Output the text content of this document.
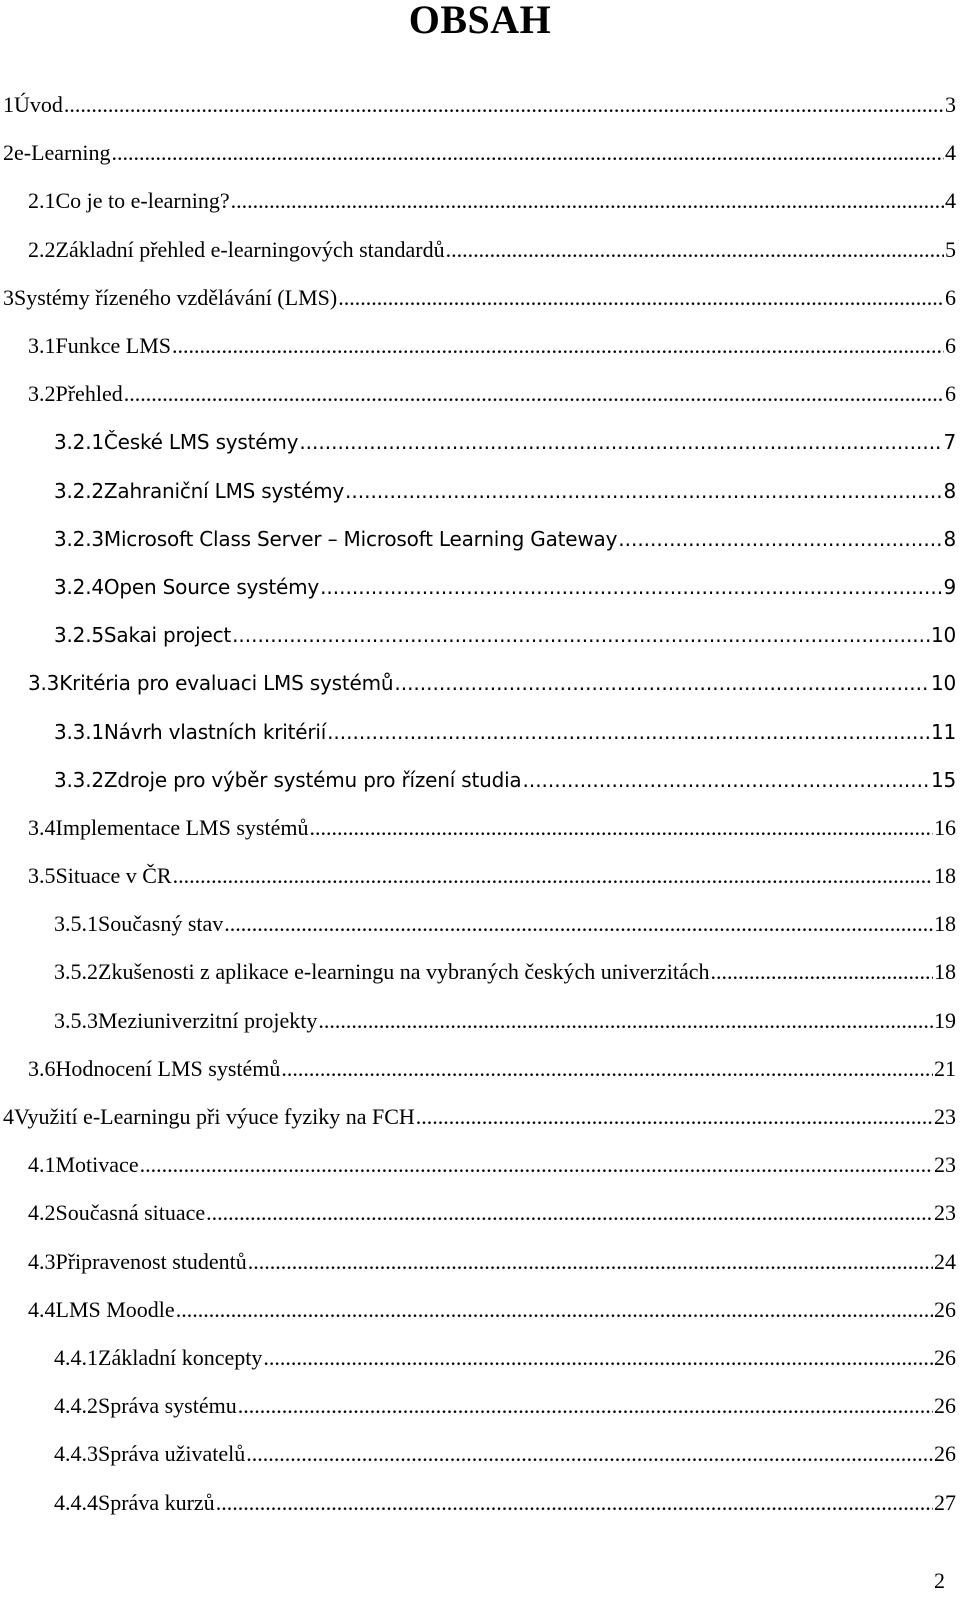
OBSAH
1 Úvod .....	3
2 e-Learning .....	4
2.1 Co je to e-learning? .....	4
2.2 Základní přehled e-learningových standardů .....	5
3 Systémy řízeného vzdělávání (LMS) .....	6
3.1 Funkce LMS .....	6
3.2 Přehled .....	6
3.2.1 České LMS systémy .....	7
3.2.2 Zahraniční LMS systémy .....	8
3.2.3 Microsoft Class Server – Microsoft Learning Gateway .....	8
3.2.4 Open Source systémy .....	9
3.2.5 Sakai project .....	10
3.3 Kritéria pro evaluaci LMS systémů .....	10
3.3.1 Návrh vlastních kritérií .....	11
3.3.2 Zdroje pro výběr systému pro řízení studia .....	15
3.4 Implementace LMS systémů .....	16
3.5 Situace v ČR .....	18
3.5.1 Současný stav .....	18
3.5.2 Zkušenosti z aplikace e-learningu na vybraných českých univerzitách .....	18
3.5.3 Meziuniverzitní projekty .....	19
3.6 Hodnocení LMS systémů .....	21
4 Využití e-Learningu při výuce fyziky na FCH .....	23
4.1 Motivace .....	23
4.2 Současná situace .....	23
4.3 Připravenost studentů .....	24
4.4 LMS Moodle .....	26
4.4.1 Základní koncepty .....	26
4.4.2 Správa systému .....	26
4.4.3 Správa uživatelů .....	26
4.4.4 Správa kurzů .....	27
2
